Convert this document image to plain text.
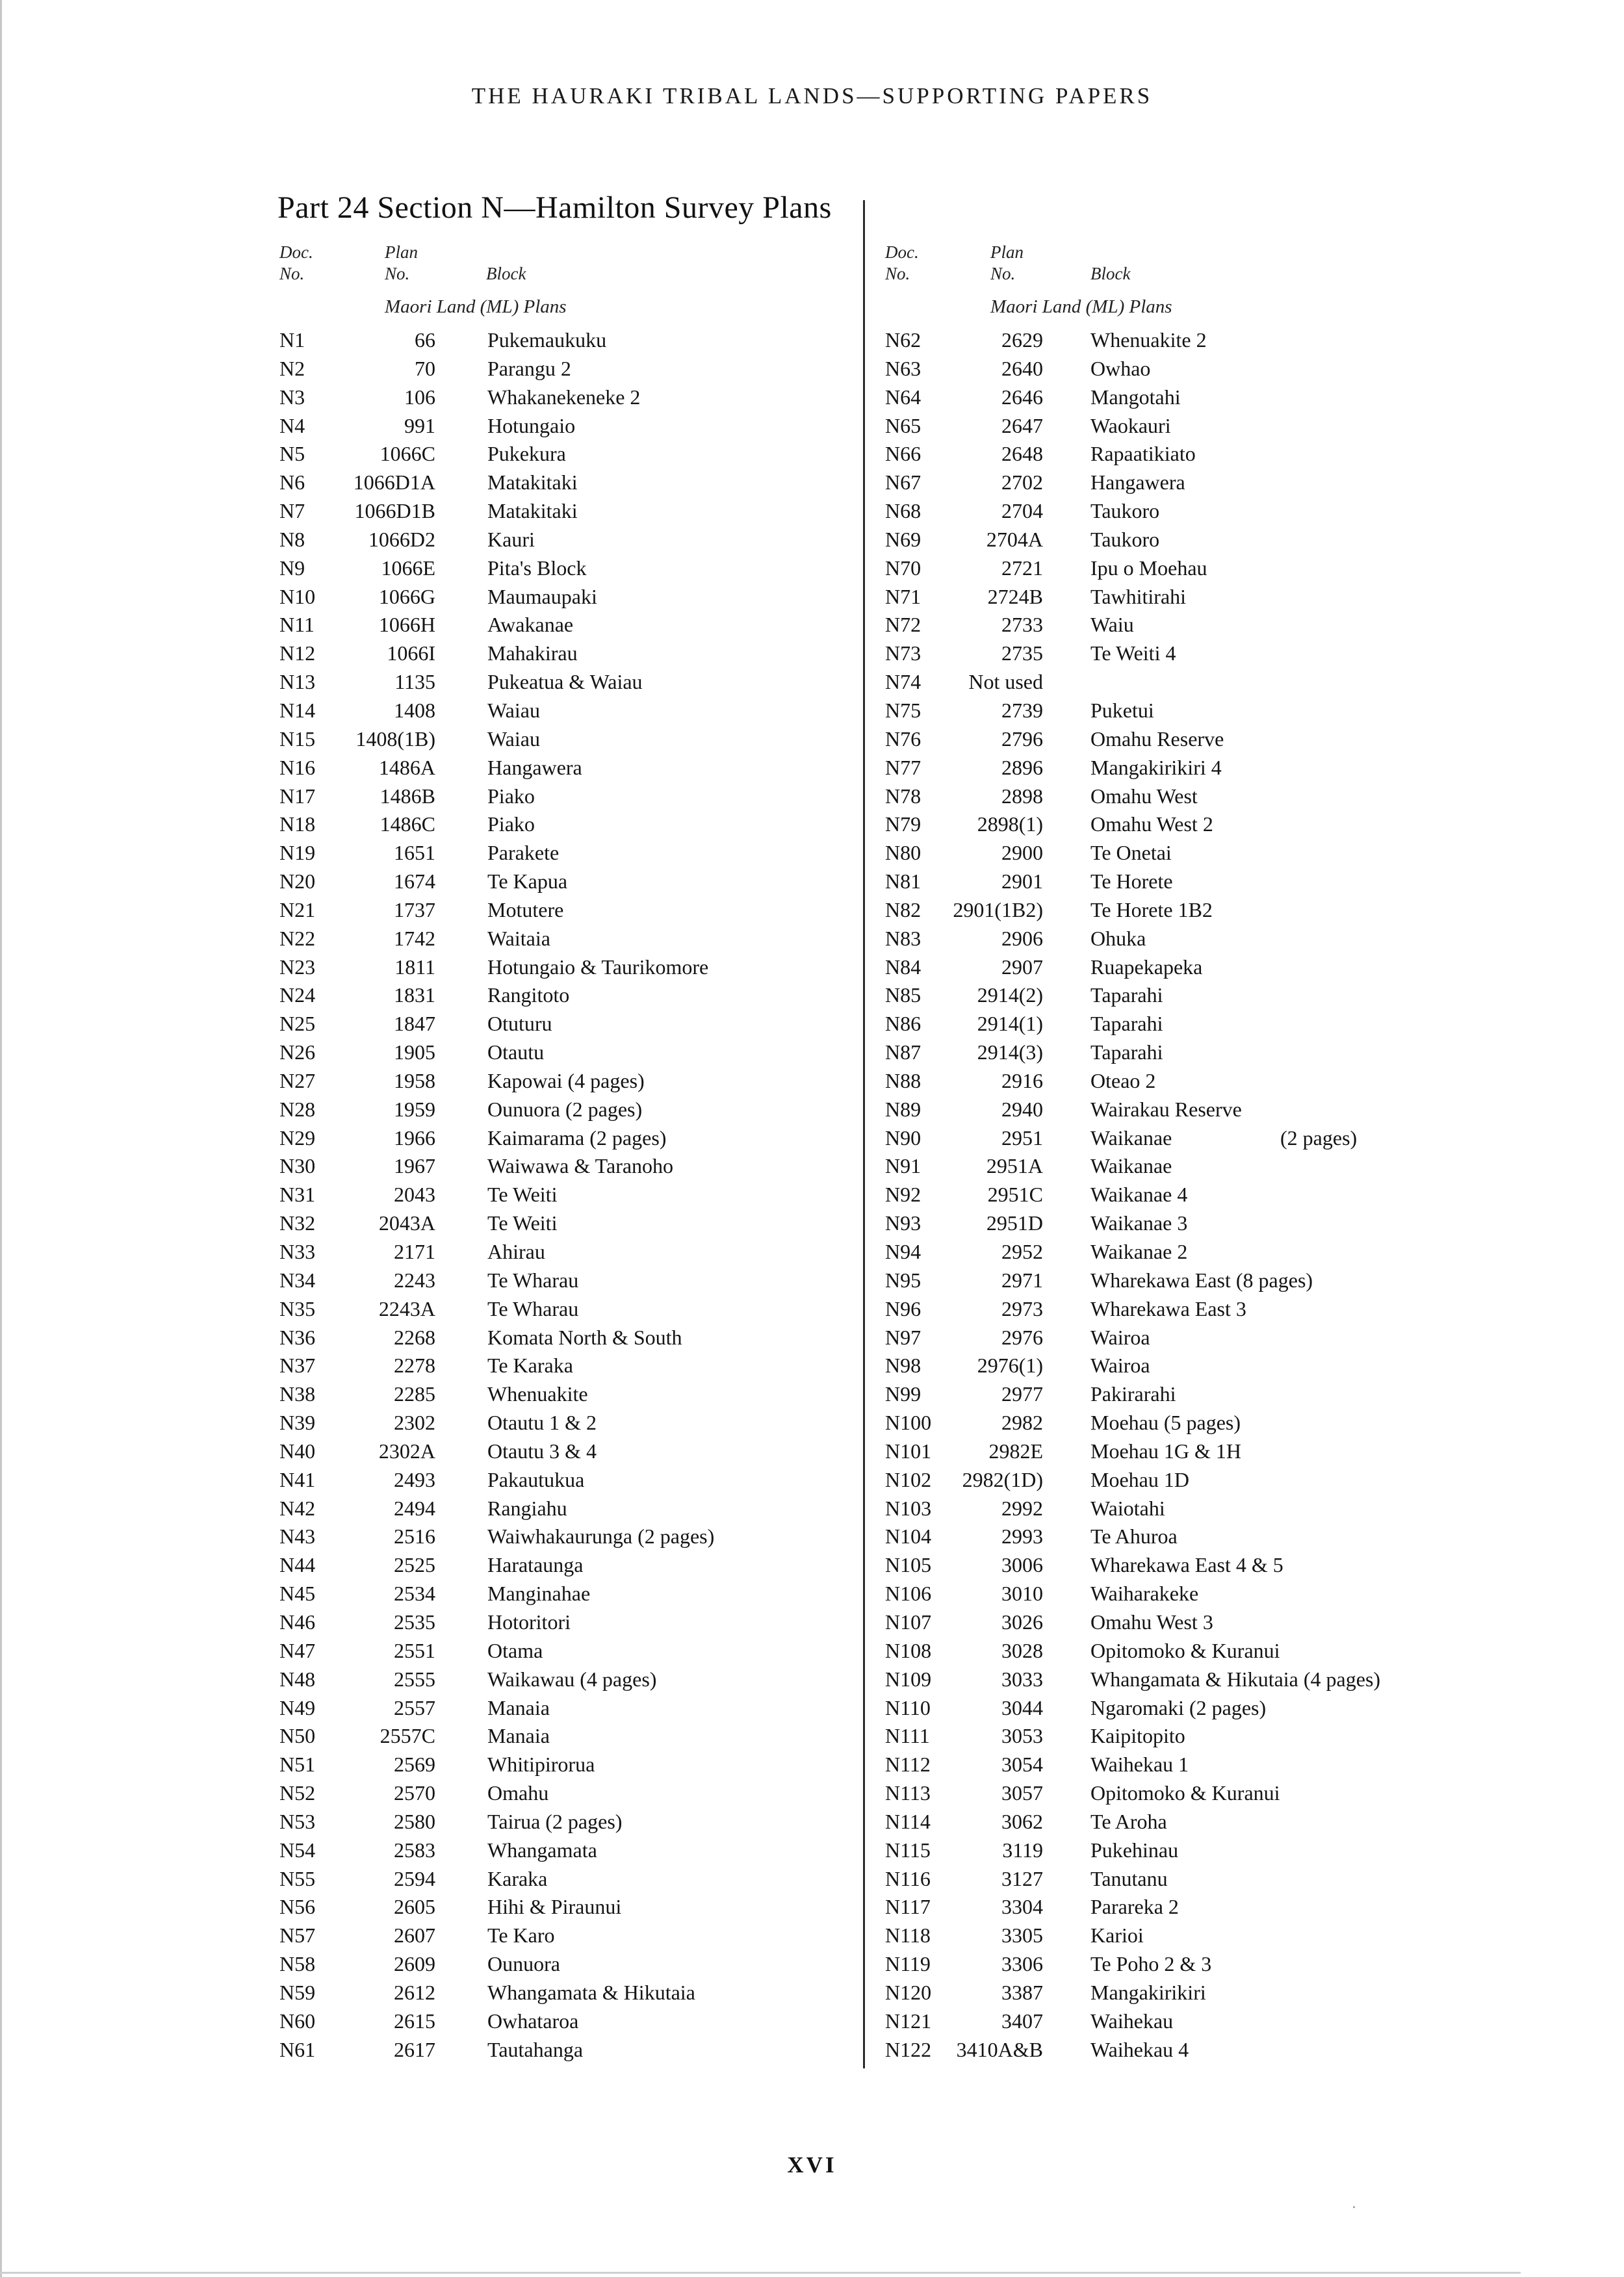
THE HAURAKI TRIBAL LANDS—SUPPORTING PAPERS
Part 24 Section N—Hamilton Survey Plans
Doc.
No.
Plan
No.	Block
Maori Land (ML) Plans
N1	66	Pukemaukuku
N2	70	Parangu 2
N3	106	Whakanekeneke 2
N4	991	Hotungaio
N5	1066C	Pukekura
N6	1066D1A	Matakitaki
N7	1066D1B	Matakitaki
N8	1066D2	Kauri
N9	1066E	Pita's Block
N10	1066G	Maumaupaki
N11	1066H	Awakanae
N12	1066I	Mahakirau
N13	1135	Pukeatua & Waiau
N14	1408	Waiau
N15	1408(1B)	Waiau
N16	1486A	Hangawera
N17	1486B	Piako
N18	1486C	Piako
N19	1651	Parakete
N20	1674	Te Kapua
N21	1737	Motutere
N22	1742	Waitaia
N23	1811	Hotungaio & Taurikomore
N24	1831	Rangitoto
N25	1847	Otuturu
N26	1905	Otautu
N27	1958	Kapowai (4 pages)
N28	1959	Ounuora (2 pages)
N29	1966	Kaimarama (2 pages)
N30	1967	Waiwawa & Taranoho
N31	2043	Te Weiti
N32	2043A	Te Weiti
N33	2171	Ahirau
N34	2243	Te Wharau
N35	2243A	Te Wharau
N36	2268	Komata North & South
N37	2278	Te Karaka
N38	2285	Whenuakite
N39	2302	Otautu 1 & 2
N40	2302A	Otautu 3 & 4
N41	2493	Pakautukua
N42	2494	Rangiahu
N43	2516	Waiwhakaurunga (2 pages)
N44	2525	Harataunga
N45	2534	Manginahae
N46	2535	Hotoritori
N47	2551	Otama
N48	2555	Waikawau (4 pages)
N49	2557	Manaia
N50	2557C	Manaia
N51	2569	Whitipirorua
N52	2570	Omahu
N53	2580	Tairua (2 pages)
N54	2583	Whangamata
N55	2594	Karaka
N56	2605	Hihi & Piraunui
N57	2607	Te Karo
N58	2609	Ounuora
N59	2612	Whangamata & Hikutaia
N60	2615	Owhataroa
N61	2617	Tautahanga
Doc.
No.
Plan
No.	Block
Maori Land (ML) Plans
N62	2629 Whenuakite 2
N63	2640 Owhao
N64	2646 Mangotahi
N65	2647 Waokauri
N66	2648 Rapaatikiato
N67	2702 Hangawera
N68	2704 Taukoro
N69	2704A Taukoro
N70	2721 Ipu o Moehau
N71	2724B Tawhitirahi
N72	2733 Waiu
N73	2735 Te Weiti 4
N74	Not used
N75	2739 Puketui
N76	2796 Omahu Reserve
N77	2896 Mangakirikiri 4
N78	2898 Omahu West
N79	2898(1) Omahu West 2
N80	2900 Te Onetai
N81	2901 Te Horete
N82	2901(1B2) Te Horete 1B2
N83	2906 Ohuka
N84	2907 Ruapekapeka
N85	2914(2) Taparahi
N86	2914(1) Taparahi
N87	2914(3) Taparahi
N88	2916 Oteao 2
N89	2940 Wairakau Reserve
N90	2951 Waikanae	(2 pages)
N91	2951A Waikanae
N92	2951C Waikanae 4
N93	2951D Waikanae 3
N94	2952 Waikanae 2
N95	2971 Wharekawa East (8 pages)
N96	2973 Wharekawa East 3
N97	2976 Wairoa
N98	2976(1) Wairoa
N99	2977 Pakirarahi
N100	2982 Moehau (5 pages)
N101	2982E Moehau 1G & 1H
N102	2982(1D) Moehau 1D
N103	2992 Waiotahi
N104	2993 Te Ahuroa
N105	3006 Wharekawa East 4 & 5
N106	3010 Waiharakeke
N107	3026 Omahu West 3
N108	3028 Opitomoko & Kuranui
N109	3033 Whangamata & Hikutaia (4 pages)
N110	3044 Ngaromaki (2 pages)
N111	3053 Kaipitopito
N112	3054 Waihekau 1
N113	3057 Opitomoko & Kuranui
N114	3062 Te Aroha
N115	3119 Pukehinau
N116	3127 Tanutanu
N117	3304 Parareka 2
N118	3305 Karioi
N119	3306 Te Poho 2 & 3
N120	3387 Mangakirikiri
N121	3407 Waihekau
N122	3410A&B Waihekau 4
XVI
